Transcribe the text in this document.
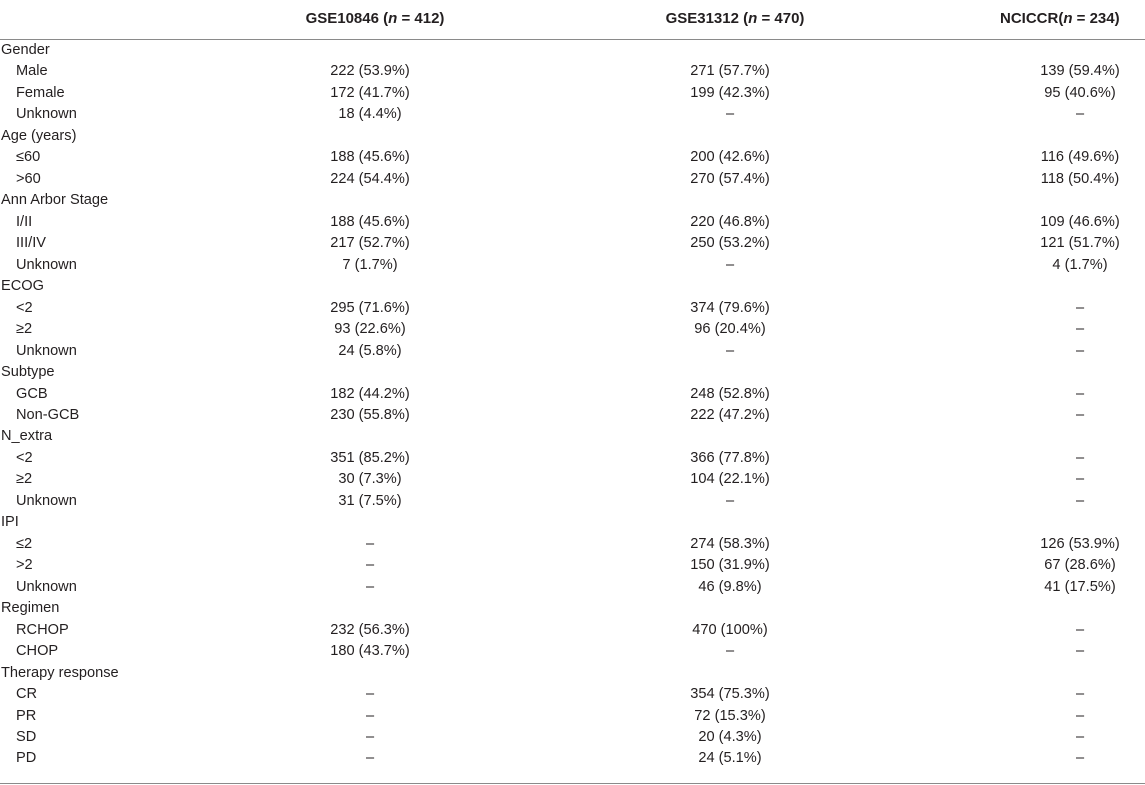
GSE10846 (n = 412)	GSE31312 (n = 470)	NCICCR(n = 234)
Gender
Male	222 (53.9%)	271 (57.7%)	139 (59.4%)
Female	172 (41.7%)	199 (42.3%)	95 (40.6%)
Unknown	18 (4.4%)	–	–
Age (years)
≤60	188 (45.6%)	200 (42.6%)	116 (49.6%)
>60	224 (54.4%)	270 (57.4%)	118 (50.4%)
Ann Arbor Stage
I/II	188 (45.6%)	220 (46.8%)	109 (46.6%)
III/IV	217 (52.7%)	250 (53.2%)	121 (51.7%)
Unknown	7 (1.7%)	–	4 (1.7%)
ECOG
<2	295 (71.6%)	374 (79.6%)	–
≥2	93 (22.6%)	96 (20.4%)	–
Unknown	24 (5.8%)	–	–
Subtype
GCB	182 (44.2%)	248 (52.8%)	–
Non-GCB	230 (55.8%)	222 (47.2%)	–
N_extra
<2	351 (85.2%)	366 (77.8%)	–
≥2	30 (7.3%)	104 (22.1%)	–
Unknown	31 (7.5%)	–	–
IPI
≤2	–	274 (58.3%)	126 (53.9%)
>2	–	150 (31.9%)	67 (28.6%)
Unknown	–	46 (9.8%)	41 (17.5%)
Regimen
RCHOP	232 (56.3%)	470 (100%)	–
CHOP	180 (43.7%)	–	–
Therapy response
CR	–	354 (75.3%)	–
PR	–	72 (15.3%)	–
SD	–	20 (4.3%)	–
PD	–	24 (5.1%)	–
